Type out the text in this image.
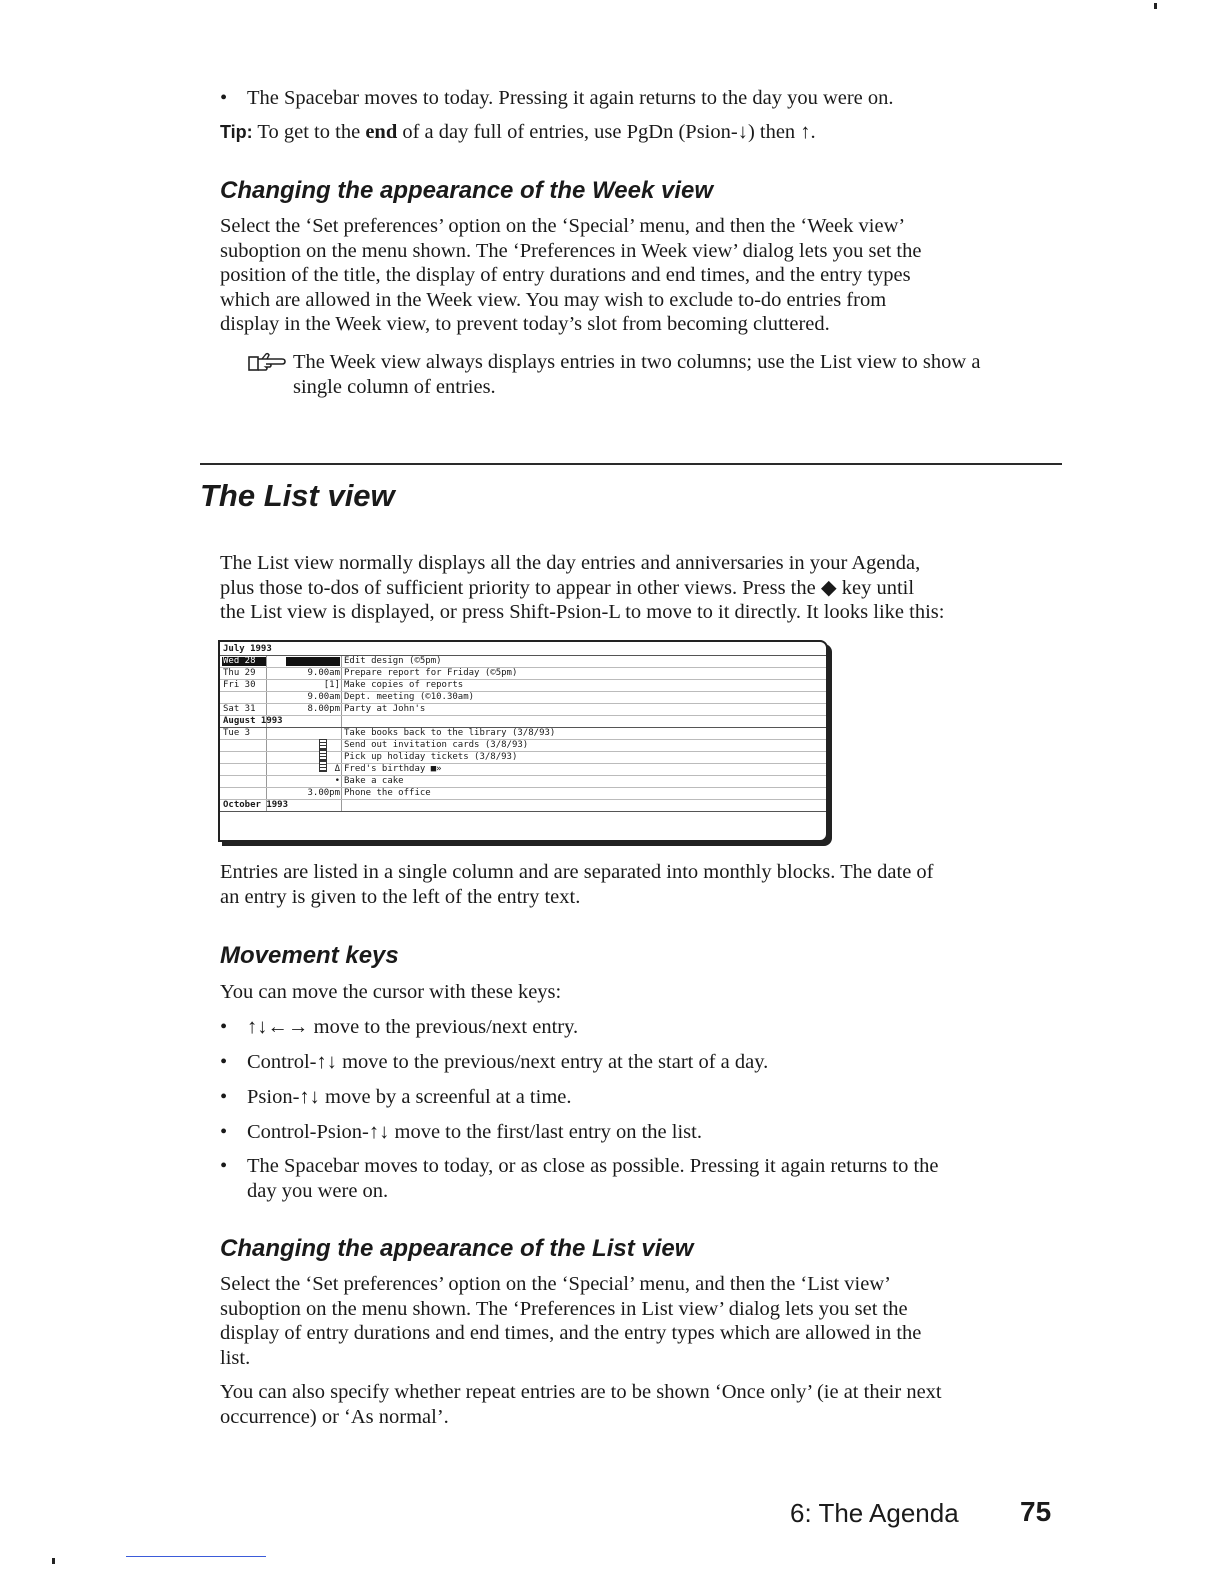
• The Spacebar moves to today. Pressing it again returns to the day you were on.
Tip: To get to the end of a day full of entries, use PgDn (Psion-↓) then ↑.
Changing the appearance of the Week view
Select the ‘Set preferences’ option on the ‘Special’ menu, and then the ‘Week view’
suboption on the menu shown. The ‘Preferences in Week view’ dialog lets you set the
position of the title, the display of entry durations and end times, and the entry types
which are allowed in the Week view. You may wish to exclude to-do entries from
display in the Week view, to prevent today’s slot from becoming cluttered.
The Week view always displays entries in two columns; use the List view to show a
single column of entries.
The List view
The List view normally displays all the day entries and anniversaries in your Agenda,
plus those to-dos of sufficient priority to appear in other views. Press the ◆ key until
the List view is displayed, or press Shift-Psion-L to move to it directly. It looks like this:
July 1993
Wed 28	Edit design (©5pm)
Thu 29	9.00am Prepare report for Friday (©5pm)
Fri 30	[1] Make copies of reports
9.00am Dept. meeting (©10.30am)
Sat 31	8.00pm Party at John's
August 1993
Tue 3	Take books back to the library (3/8/93)
Send out invitation cards (3/8/93)
Pick up holiday tickets (3/8/93)
Δ Fred's birthday ■»
• Bake a cake
3.00pm Phone the office
October 1993
Entries are listed in a single column and are separated into monthly blocks. The date of
an entry is given to the left of the entry text.
Movement keys
You can move the cursor with these keys:
• ↑↓←→ move to the previous/next entry.
• Control-↑↓ move to the previous/next entry at the start of a day.
• Psion-↑↓ move by a screenful at a time.
• Control-Psion-↑↓ move to the first/last entry on the list.
• The Spacebar moves to today, or as close as possible. Pressing it again returns to the
day you were on.
Changing the appearance of the List view
Select the ‘Set preferences’ option on the ‘Special’ menu, and then the ‘List view’
suboption on the menu shown. The ‘Preferences in List view’ dialog lets you set the
display of entry durations and end times, and the entry types which are allowed in the
list.
You can also specify whether repeat entries are to be shown ‘Once only’ (ie at their next
occurrence) or ‘As normal’.
6: The Agenda 75
